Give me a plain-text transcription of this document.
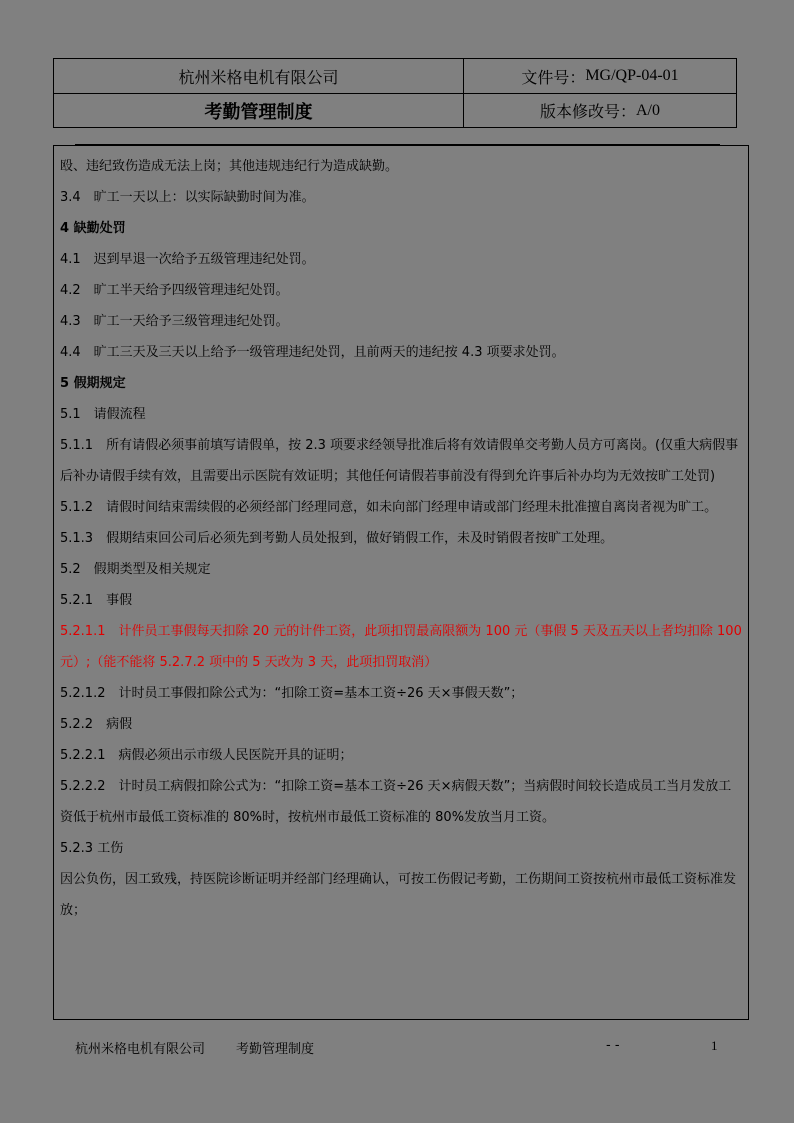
杭州米格电机有限公司	文件号： MG/QP-04-01
考勤管理制度	版本修改号： A/0

殴、违纪致伤造成无法上岗；其他违规违纪行为造成缺勤。

3.4　旷工一天以上：以实际缺勤时间为准。

4 缺勤处罚

4.1　迟到早退一次给予五级管理违纪处罚。

4.2　旷工半天给予四级管理违纪处罚。

4.3　旷工一天给予三级管理违纪处罚。

4.4　旷工三天及三天以上给予一级管理违纪处罚，且前两天的违纪按 4.3 项要求处罚。

5 假期规定

5.1　请假流程

5.1.1　所有请假必须事前填写请假单，按 2.3 项要求经领导批准后将有效请假单交考勤人员方可离岗。(仅重大病假事后补办请假手续有效，且需要出示医院有效证明；其他任何请假若事前没有得到允许事后补办均为无效按旷工处罚)

5.1.2　请假时间结束需续假的必须经部门经理同意，如未向部门经理申请或部门经理未批准擅自离岗者视为旷工。

5.1.3　假期结束回公司后必须先到考勤人员处报到，做好销假工作，未及时销假者按旷工处理。

5.2　假期类型及相关规定

5.2.1　事假

5.2.1.1　计件员工事假每天扣除 20 元的计件工资，此项扣罚最高限额为 100 元（事假 5 天及五天以上者均扣除 100 元）;（能不能将 5.2.7.2 项中的 5 天改为 3 天，此项扣罚取消）

5.2.1.2　计时员工事假扣除公式为：“扣除工资=基本工资÷26 天×事假天数”；

5.2.2　病假

5.2.2.1　病假必须出示市级人民医院开具的证明；

5.2.2.2　计时员工病假扣除公式为：“扣除工资=基本工资÷26 天×病假天数”；当病假时间较长造成员工当月发放工资低于杭州市最低工资标准的 80%时，按杭州市最低工资标准的 80%发放当月工资。

5.2.3 工伤

因公负伤，因工致残，持医院诊断证明并经部门经理确认，可按工伤假记考勤，工伤期间工资按杭州市最低工资标准发放；

杭州米格电机有限公司 考勤管理制度	- -	1
